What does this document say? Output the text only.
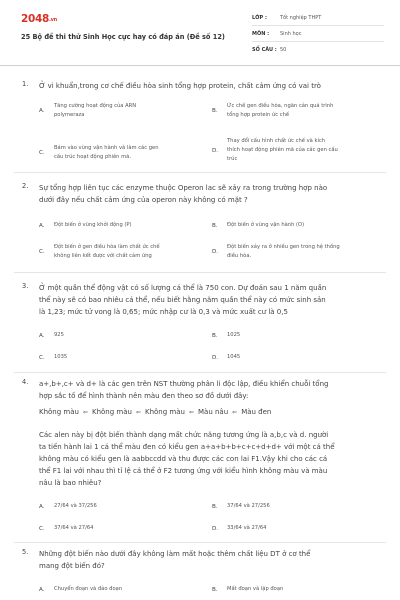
2048.vn
25 Bộ đề thi thử Sinh Học cực hay có đáp án (Đề số 12)
LỚP :	Tốt nghiệp THPT
MÔN :	Sinh học
SỐ CÂU : 50
1. Ở vi khuẩn,trong cơ chế điều hòa sinh tổng hợp protein, chất cảm ứng có vai trò
A.
Tăng cường hoạt động của ARN
polymeraza
B.
Ức chế gen điều hòa, ngăn cản quá trình
tổng hợp protein ức chế
C.
Bám vào vùng vận hành và làm các gen
cấu trúc hoạt động phiên mã.
D.
Thay đổi cấu hình chất ức chế và kích
thích hoạt động phiên mã của các gen cấu
trúc
2. Sự tổng hợp liên tục các enzyme thuộc Operon lac sẽ xảy ra trong trường hợp nào
dưới đây nếu chất cảm ứng của operon này không có mặt ?
A.	Đột biến ở vùng khởi động (P)	B.	Đột biến ở vùng vận hành (O)
C.
Đột biến ở gen điều hòa làm chất ức chế
không liên kết được với chất cảm ứng
D.
Đột biến xảy ra ở nhiều gen trong hệ thống
điều hòa.
3. Ở một quần thể động vật có số lượng cá thể là 750 con. Dự đoán sau 1 năm quần
thể này sẽ có bao nhiêu cá thể, nếu biết hằng năm quần thể này có mức sinh sản
là 1,23; mức tử vong là 0,65; mức nhập cư là 0,3 và mức xuất cư là 0,5
A.	925	B.	1025
C.	1035	D.	1045
4. a+,b+,c+ và d+ là các gen trên NST thường phân li độc lập, điều khiển chuỗi tổng
hợp sắc tố để hình thành nên màu đen theo sơ đồ dưới đây:
Không màu ⇐ Không màu ⇐ Không màu ⇐ Màu nâu ⇐ Màu đen
Các alen này bị đột biến thành dạng mất chức năng tương ứng là a,b,c và d. người
ta tiến hành lai 1 cá thể màu đen có kiểu gen a+a+b+b+c+c+d+d+ với một cá thể
không màu có kiểu gen là aabbccdd và thu được các con lai F1.Vậy khi cho các cá
thể F1 lai với nhau thì tỉ lệ cá thể ở F2 tương ứng với kiểu hình không màu và màu
nâu là bao nhiêu?
A.	27/64 và 37/256	B.	37/64 và 27/256
C.	37/64 và 27/64	D.	33/64 và 27/64
5. Những đột biến nào dưới đây không làm mất hoặc thêm chất liệu DT ở cơ thể
mang đột biến đó?
A.	Chuyển đoạn và đảo đoạn	B.	Mất đoạn và lặp đoạn
